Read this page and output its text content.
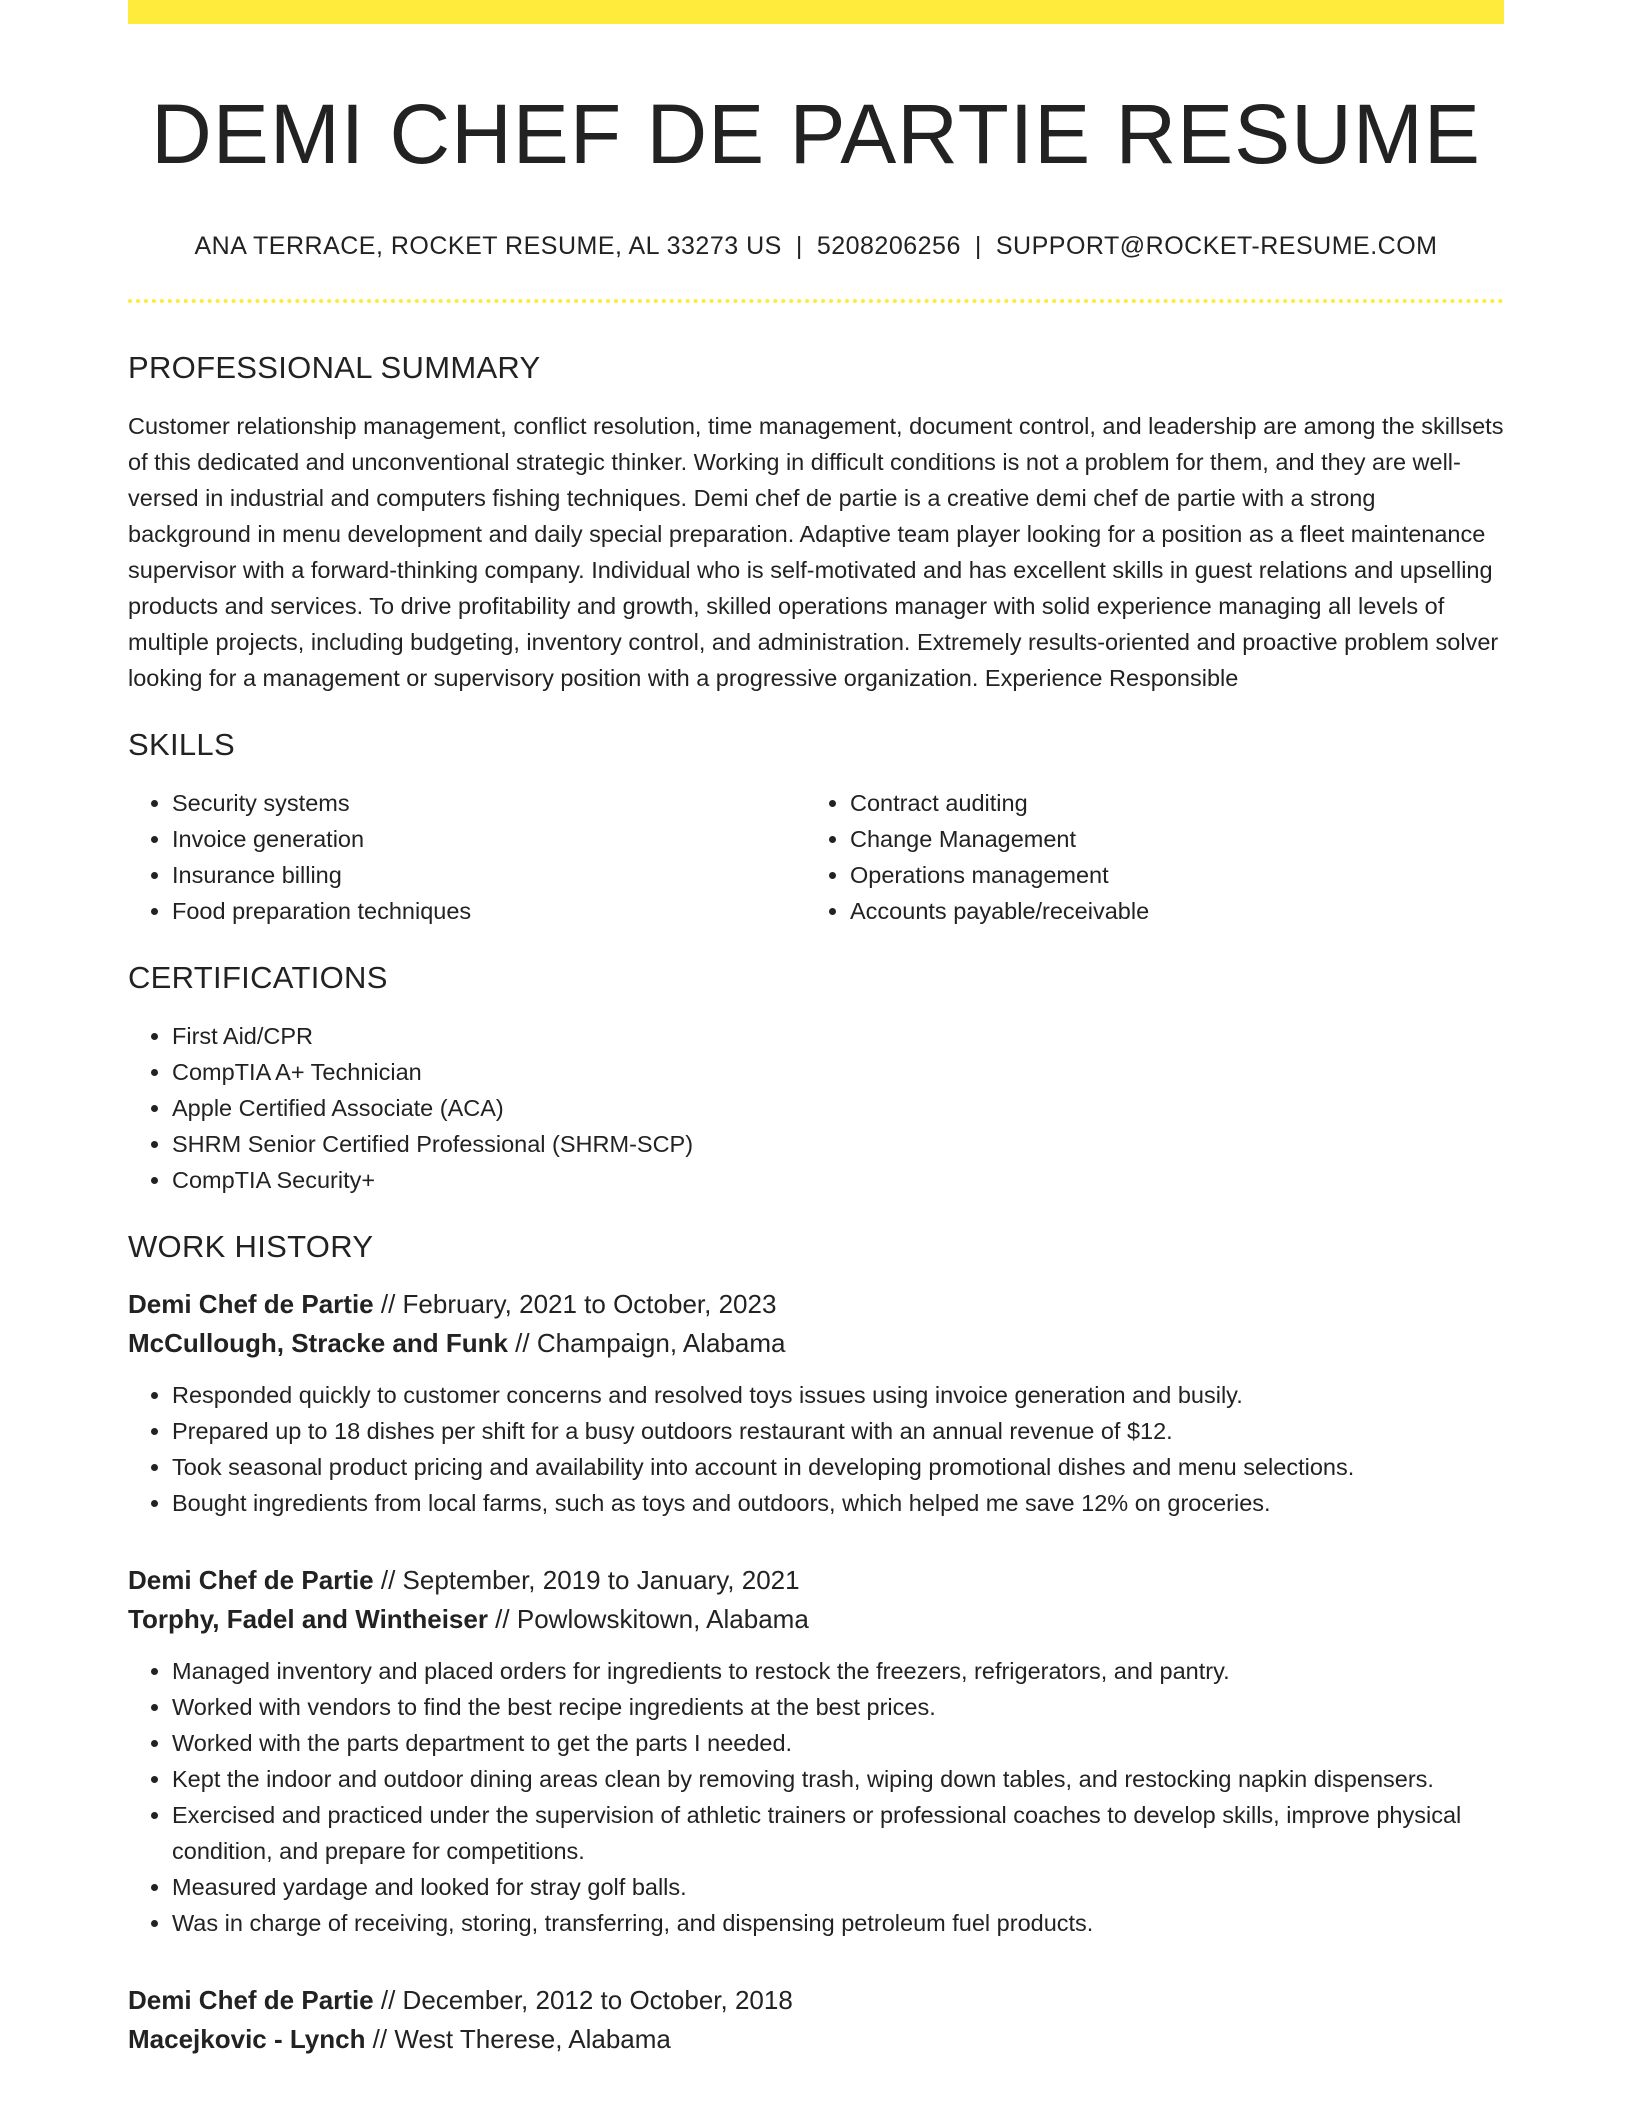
DEMI CHEF DE PARTIE RESUME
ANA TERRACE, ROCKET RESUME, AL 33273 US | 5208206256 | SUPPORT@ROCKET-RESUME.COM
PROFESSIONAL SUMMARY

Customer relationship management, conflict resolution, time management, document control, and leadership are among the skillsets of this dedicated and unconventional strategic thinker. Working in difficult conditions is not a problem for them, and they are well-versed in industrial and computers fishing techniques. Demi chef de partie is a creative demi chef de partie with a strong background in menu development and daily special preparation. Adaptive team player looking for a position as a fleet maintenance supervisor with a forward-thinking company. Individual who is self-motivated and has excellent skills in guest relations and upselling products and services. To drive profitability and growth, skilled operations manager with solid experience managing all levels of multiple projects, including budgeting, inventory control, and administration. Extremely results-oriented and proactive problem solver looking for a management or supervisory position with a progressive organization. Experience Responsible

SKILLS
• Security systems
• Invoice generation
• Insurance billing
• Food preparation techniques
• Contract auditing
• Change Management
• Operations management
• Accounts payable/receivable
CERTIFICATIONS
• First Aid/CPR
• CompTIA A+ Technician
• Apple Certified Associate (ACA)
• SHRM Senior Certified Professional (SHRM-SCP)
• CompTIA Security+
WORK HISTORY
Demi Chef de Partie // February, 2021 to October, 2023
McCullough, Stracke and Funk // Champaign, Alabama
• Responded quickly to customer concerns and resolved toys issues using invoice generation and busily.
• Prepared up to 18 dishes per shift for a busy outdoors restaurant with an annual revenue of $12.
• Took seasonal product pricing and availability into account in developing promotional dishes and menu selections.
• Bought ingredients from local farms, such as toys and outdoors, which helped me save 12% on groceries.
Demi Chef de Partie // September, 2019 to January, 2021
Torphy, Fadel and Wintheiser // Powlowskitown, Alabama
• Managed inventory and placed orders for ingredients to restock the freezers, refrigerators, and pantry.
• Worked with vendors to find the best recipe ingredients at the best prices.
• Worked with the parts department to get the parts I needed.
• Kept the indoor and outdoor dining areas clean by removing trash, wiping down tables, and restocking napkin dispensers.
• Exercised and practiced under the supervision of athletic trainers or professional coaches to develop skills, improve physical condition, and prepare for competitions.
• Measured yardage and looked for stray golf balls.
• Was in charge of receiving, storing, transferring, and dispensing petroleum fuel products.
Demi Chef de Partie // December, 2012 to October, 2018
Macejkovic - Lynch // West Therese, Alabama
